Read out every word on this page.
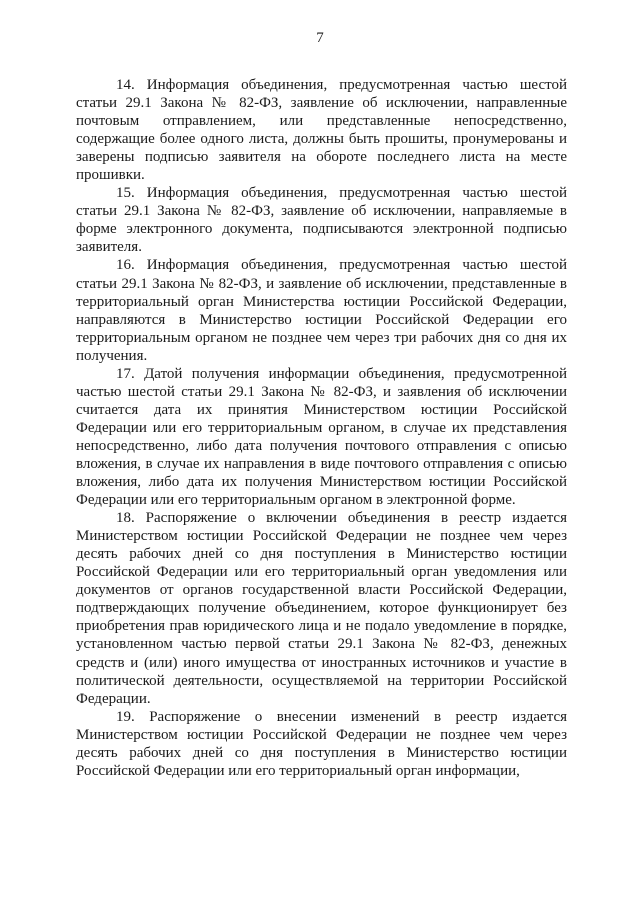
7

14. Информация объединения, предусмотренная частью шестой статьи 29.1 Закона № 82-ФЗ, заявление об исключении, направленные почтовым отправлением, или представленные непосредственно, содержащие более одного листа, должны быть прошиты, пронумерованы и заверены подписью заявителя на обороте последнего листа на месте прошивки.

15. Информация объединения, предусмотренная частью шестой статьи 29.1 Закона № 82-ФЗ, заявление об исключении, направляемые в форме электронного документа, подписываются электронной подписью заявителя.

16. Информация объединения, предусмотренная частью шестой статьи 29.1 Закона № 82-ФЗ, и заявление об исключении, представленные в территориальный орган Министерства юстиции Российской Федерации, направляются в Министерство юстиции Российской Федерации его территориальным органом не позднее чем через три рабочих дня со дня их получения.

17. Датой получения информации объединения, предусмотренной частью шестой статьи 29.1 Закона № 82-ФЗ, и заявления об исключении считается дата их принятия Министерством юстиции Российской Федерации или его территориальным органом, в случае их представления непосредственно, либо дата получения почтового отправления с описью вложения, в случае их направления в виде почтового отправления с описью вложения, либо дата их получения Министерством юстиции Российской Федерации или его территориальным органом в электронной форме.

18. Распоряжение о включении объединения в реестр издается Министерством юстиции Российской Федерации не позднее чем через десять рабочих дней со дня поступления в Министерство юстиции Российской Федерации или его территориальный орган уведомления или документов от органов государственной власти Российской Федерации, подтверждающих получение объединением, которое функционирует без приобретения прав юридического лица и не подало уведомление в порядке, установленном частью первой статьи 29.1 Закона № 82-ФЗ, денежных средств и (или) иного имущества от иностранных источников и участие в политической деятельности, осуществляемой на территории Российской Федерации.

19. Распоряжение о внесении изменений в реестр издается Министерством юстиции Российской Федерации не позднее чем через десять рабочих дней со дня поступления в Министерство юстиции Российской Федерации или его территориальный орган информации,
